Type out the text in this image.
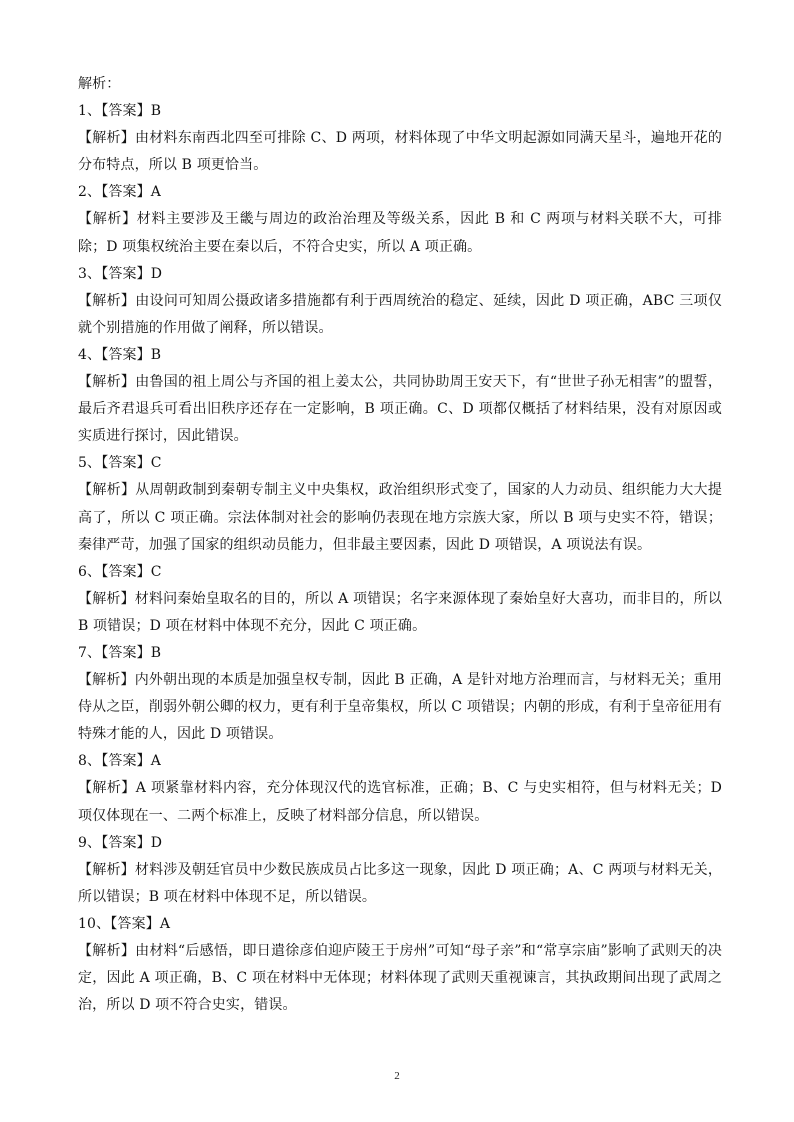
解析：

1、【答案】B

【解析】由材料东南西北四至可排除 C、D 两项，材料体现了中华文明起源如同满天星斗，遍地开花的分布特点，所以 B 项更恰当。

2、【答案】A

【解析】材料主要涉及王畿与周边的政治治理及等级关系，因此 B 和 C 两项与材料关联不大，可排除；D 项集权统治主要在秦以后，不符合史实，所以 A 项正确。

3、【答案】D

【解析】由设问可知周公摄政诸多措施都有利于西周统治的稳定、延续，因此 D 项正确，ABC 三项仅就个别措施的作用做了阐释，所以错误。

4、【答案】B

【解析】由鲁国的祖上周公与齐国的祖上姜太公，共同协助周王安天下，有“世世子孙无相害”的盟誓，最后齐君退兵可看出旧秩序还存在一定影响，B 项正确。C、D 项都仅概括了材料结果，没有对原因或实质进行探讨，因此错误。

5、【答案】C

【解析】从周朝政制到秦朝专制主义中央集权，政治组织形式变了，国家的人力动员、组织能力大大提高了，所以 C 项正确。宗法体制对社会的影响仍表现在地方宗族大家，所以 B 项与史实不符，错误；秦律严苛，加强了国家的组织动员能力，但非最主要因素，因此 D 项错误，A 项说法有误。

6、【答案】C

【解析】材料问秦始皇取名的目的，所以 A 项错误；名字来源体现了秦始皇好大喜功，而非目的，所以 B 项错误；D 项在材料中体现不充分，因此 C 项正确。

7、【答案】B

【解析】内外朝出现的本质是加强皇权专制，因此 B 正确，A 是针对地方治理而言，与材料无关；重用侍从之臣，削弱外朝公卿的权力，更有利于皇帝集权，所以 C 项错误；内朝的形成，有利于皇帝征用有特殊才能的人，因此 D 项错误。

8、【答案】A

【解析】A 项紧靠材料内容，充分体现汉代的选官标准，正确；B、C 与史实相符，但与材料无关；D 项仅体现在一、二两个标准上，反映了材料部分信息，所以错误。

9、【答案】D

【解析】材料涉及朝廷官员中少数民族成员占比多这一现象，因此 D 项正确；A、C 两项与材料无关，所以错误；B 项在材料中体现不足，所以错误。

10、【答案】A

【解析】由材料“后感悟，即日遣徐彦伯迎庐陵王于房州”可知“母子亲”和“常享宗庙”影响了武则天的决定，因此 A 项正确，B、C 项在材料中无体现；材料体现了武则天重视谏言，其执政期间出现了武周之治，所以 D 项不符合史实，错误。

2
